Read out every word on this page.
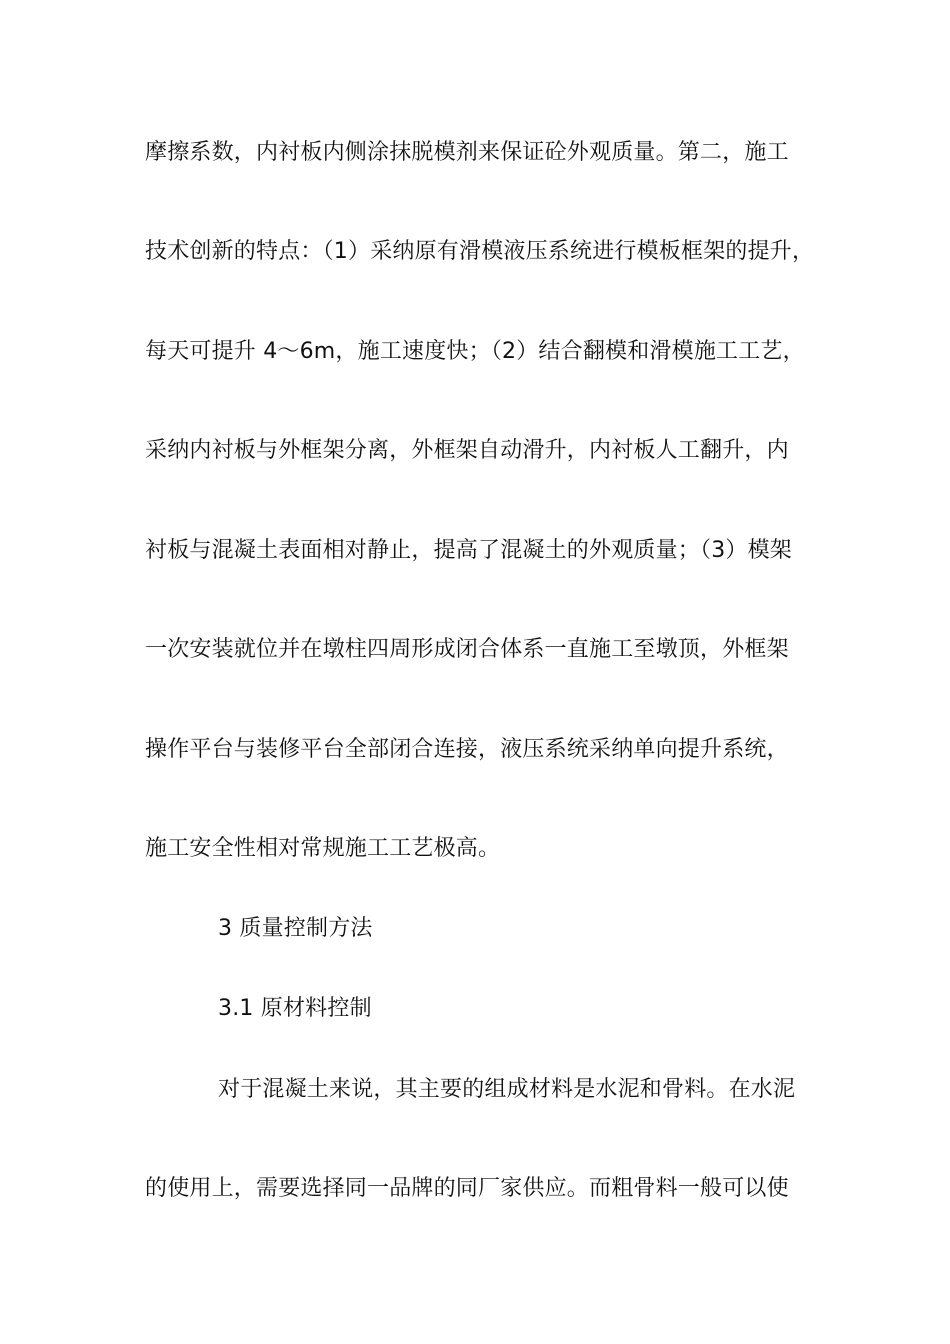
摩擦系数，内衬板内侧涂抹脱模剂来保证砼外观质量。第二，施工
技术创新的特点：（1）采纳原有滑模液压系统进行模板框架的提升，
每天可提升 4～6m，施工速度快；（2）结合翻模和滑模施工工艺，
采纳内衬板与外框架分离，外框架自动滑升，内衬板人工翻升，内
衬板与混凝土表面相对静止，提高了混凝土的外观质量；（3）模架
一次安装就位并在墩柱四周形成闭合体系一直施工至墩顶，外框架
操作平台与装修平台全部闭合连接，液压系统采纳单向提升系统，
施工安全性相对常规施工工艺极高。
3 质量控制方法
3.1 原材料控制
对于混凝土来说，其主要的组成材料是水泥和骨料。在水泥
的使用上，需要选择同一品牌的同厂家供应。而粗骨料一般可以使
